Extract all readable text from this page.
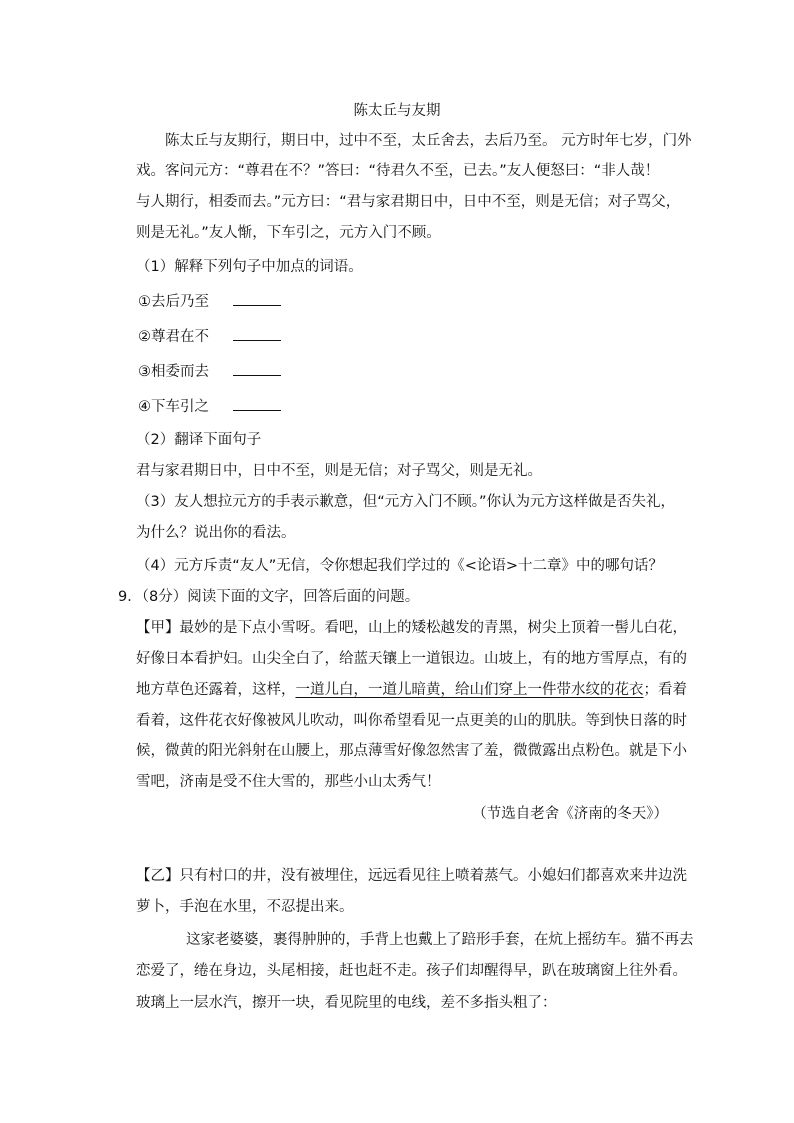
陈太丘与友期
陈太丘与友期行，期日中，过中不至，太丘舍去，去后乃至。 元方时年七岁，门外
戏。客问元方：“尊君在不？”答曰：“待君久不至，已去。”友人便怒曰：“非人哉！
与人期行，相委而去。”元方曰：“君与家君期日中，日中不至，则是无信；对子骂父，
则是无礼。”友人惭，下车引之，元方入门不顾。
（1）解释下列句子中加点的词语。
①去后乃至
②尊君在不
③相委而去
④下车引之
（2）翻译下面句子
君与家君期日中，日中不至，则是无信；对子骂父，则是无礼。
（3）友人想拉元方的手表示歉意，但“元方入门不顾。”你认为元方这样做是否失礼，
为什么？说出你的看法。
（4）元方斥责“友人”无信，令你想起我们学过的《<论语>十二章》中的哪句话？
9．（8分）阅读下面的文字，回答后面的问题。
【甲】最妙的是下点小雪呀。看吧，山上的矮松越发的青黑，树尖上顶着一髻儿白花，
好像日本看护妇。山尖全白了，给蓝天镶上一道银边。山坡上，有的地方雪厚点，有的
地方草色还露着，这样，一道儿白，一道儿暗黄，给山们穿上一件带水纹的花衣；看着
看着，这件花衣好像被风儿吹动，叫你希望看见一点更美的山的肌肤。等到快日落的时
候，微黄的阳光斜射在山腰上，那点薄雪好像忽然害了羞，微微露出点粉色。就是下小
雪吧，济南是受不住大雪的，那些小山太秀气！
（节选自老舍《济南的冬天》）
【乙】只有村口的井，没有被埋住，远远看见往上喷着蒸气。小媳妇们都喜欢来井边洗
萝卜，手泡在水里，不忍提出来。
这家老婆婆，裹得肿肿的，手背上也戴上了踣形手套，在炕上摇纺车。猫不再去
恋爱了，绻在身边，头尾相接，赶也赶不走。孩子们却醒得早，趴在玻璃窗上往外看。
玻璃上一层水汽，擦开一块，看见院里的电线，差不多指头粗了：
